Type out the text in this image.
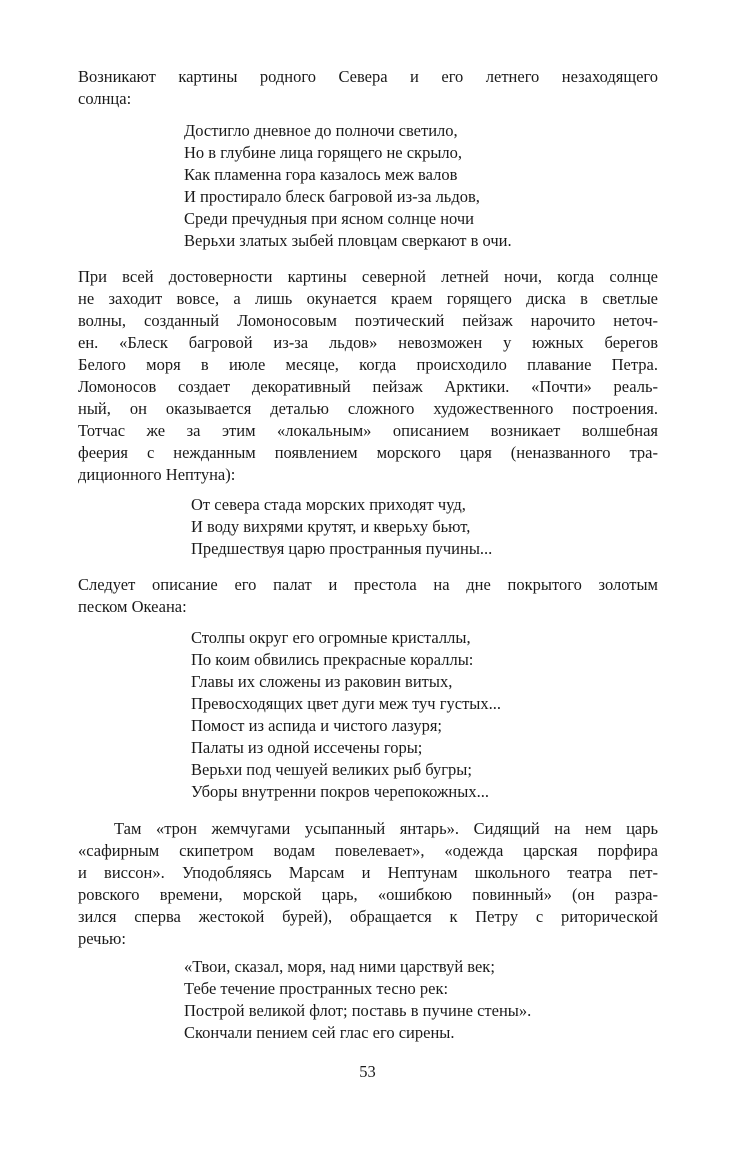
Возникают картины родного Севера и его летнего незаходящего
солнца:

Достигло дневное до полночи светило,
Но в глубине лица горящего не скрыло,
Как пламенна гора казалось меж валов
И простирало блеск багровой из-за льдов,
Среди пречудныя при ясном солнце ночи
Верьхи златых зыбей пловцам сверкают в очи.

При всей достоверности картины северной летней ночи, когда солнце
не заходит вовсе, а лишь окунается краем горящего диска в светлые
волны, созданный Ломоносовым поэтический пейзаж нарочито неточ-
ен. «Блеск багровой из-за льдов» невозможен у южных берегов
Белого моря в июле месяце, когда происходило плавание Петра.
Ломоносов создает декоративный пейзаж Арктики. «Почти» реаль-
ный, он оказывается деталью сложного художественного построения.
Тотчас же за этим «локальным» описанием возникает волшебная
феерия с нежданным появлением морского царя (неназванного тра-
диционного Нептуна):

От севера стада морских приходят чуд,
И воду вихрями крутят, и кверьху бьют,
Предшествуя царю пространныя пучины...

Следует описание его палат и престола на дне покрытого золотым
песком Океана:

Столпы округ его огромные кристаллы,
По коим обвились прекрасные кораллы:
Главы их сложены из раковин витых,
Превосходящих цвет дуги меж туч густых...
Помост из аспида и чистого лазуря;
Палаты из одной иссечены горы;
Верьхи под чешуей великих рыб бугры;
Уборы внутренни покров черепокожных...

Там «трон жемчугами усыпанный янтарь». Сидящий на нем царь
«сафирным скипетром водам повелевает», «одежда царская порфира
и виссон». Уподобляясь Марсам и Нептунам школьного театра пет-
ровского времени, морской царь, «ошибкою повинный» (он разра-
зился сперва жестокой бурей), обращается к Петру с риторической
речью:

«Твои, сказал, моря, над ними царствуй век;
Тебе течение пространных тесно рек:
Построй великой флот; поставь в пучине стены».
Скончали пением сей глас его сирены.
53
